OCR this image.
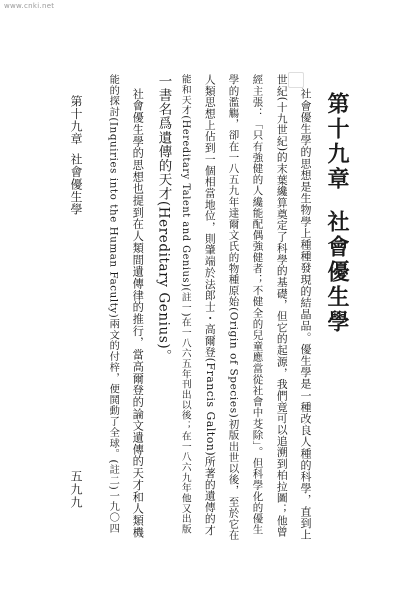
www.cnki.net
第十九章社會優生學
社會優生學的思想是生物學上種種發現的結晶品。優生學是一種改良人種的科學，直到上
世紀(十九世紀)的末葉纔算奠定了科學的基礎，但它的起源，我們竟可以追溯到柏拉圖；他曾
經主張：「只有強健的人纔能配偶強健者；不健全的兒童應當從社會中芟除」。但科學化的優生
學的濫觴，卻在一八五九年達爾文氏的物種原始(Origin of Species)初版出世以後，至於它在
人類思想上佔到一個相當地位，則肇端於法郎士・高爾登(Francis Galton)所著的遺傳的才
能和天才(Hereditary Talent and Genius)(註一)在一八六五年刊出以後；在一八六九年他又出版
一書名爲遺傳的天才(Hereditary Genius)。
社會優生學的思想也提到在人類間遺傳律的推行，當高爾登的論文遺傳的天才和人類機
能的探討(Inquiries into the Human Faculty)兩文的付梓，便鬨動了全球。(註二)一九〇四
第十九章社會優生學
五九九
